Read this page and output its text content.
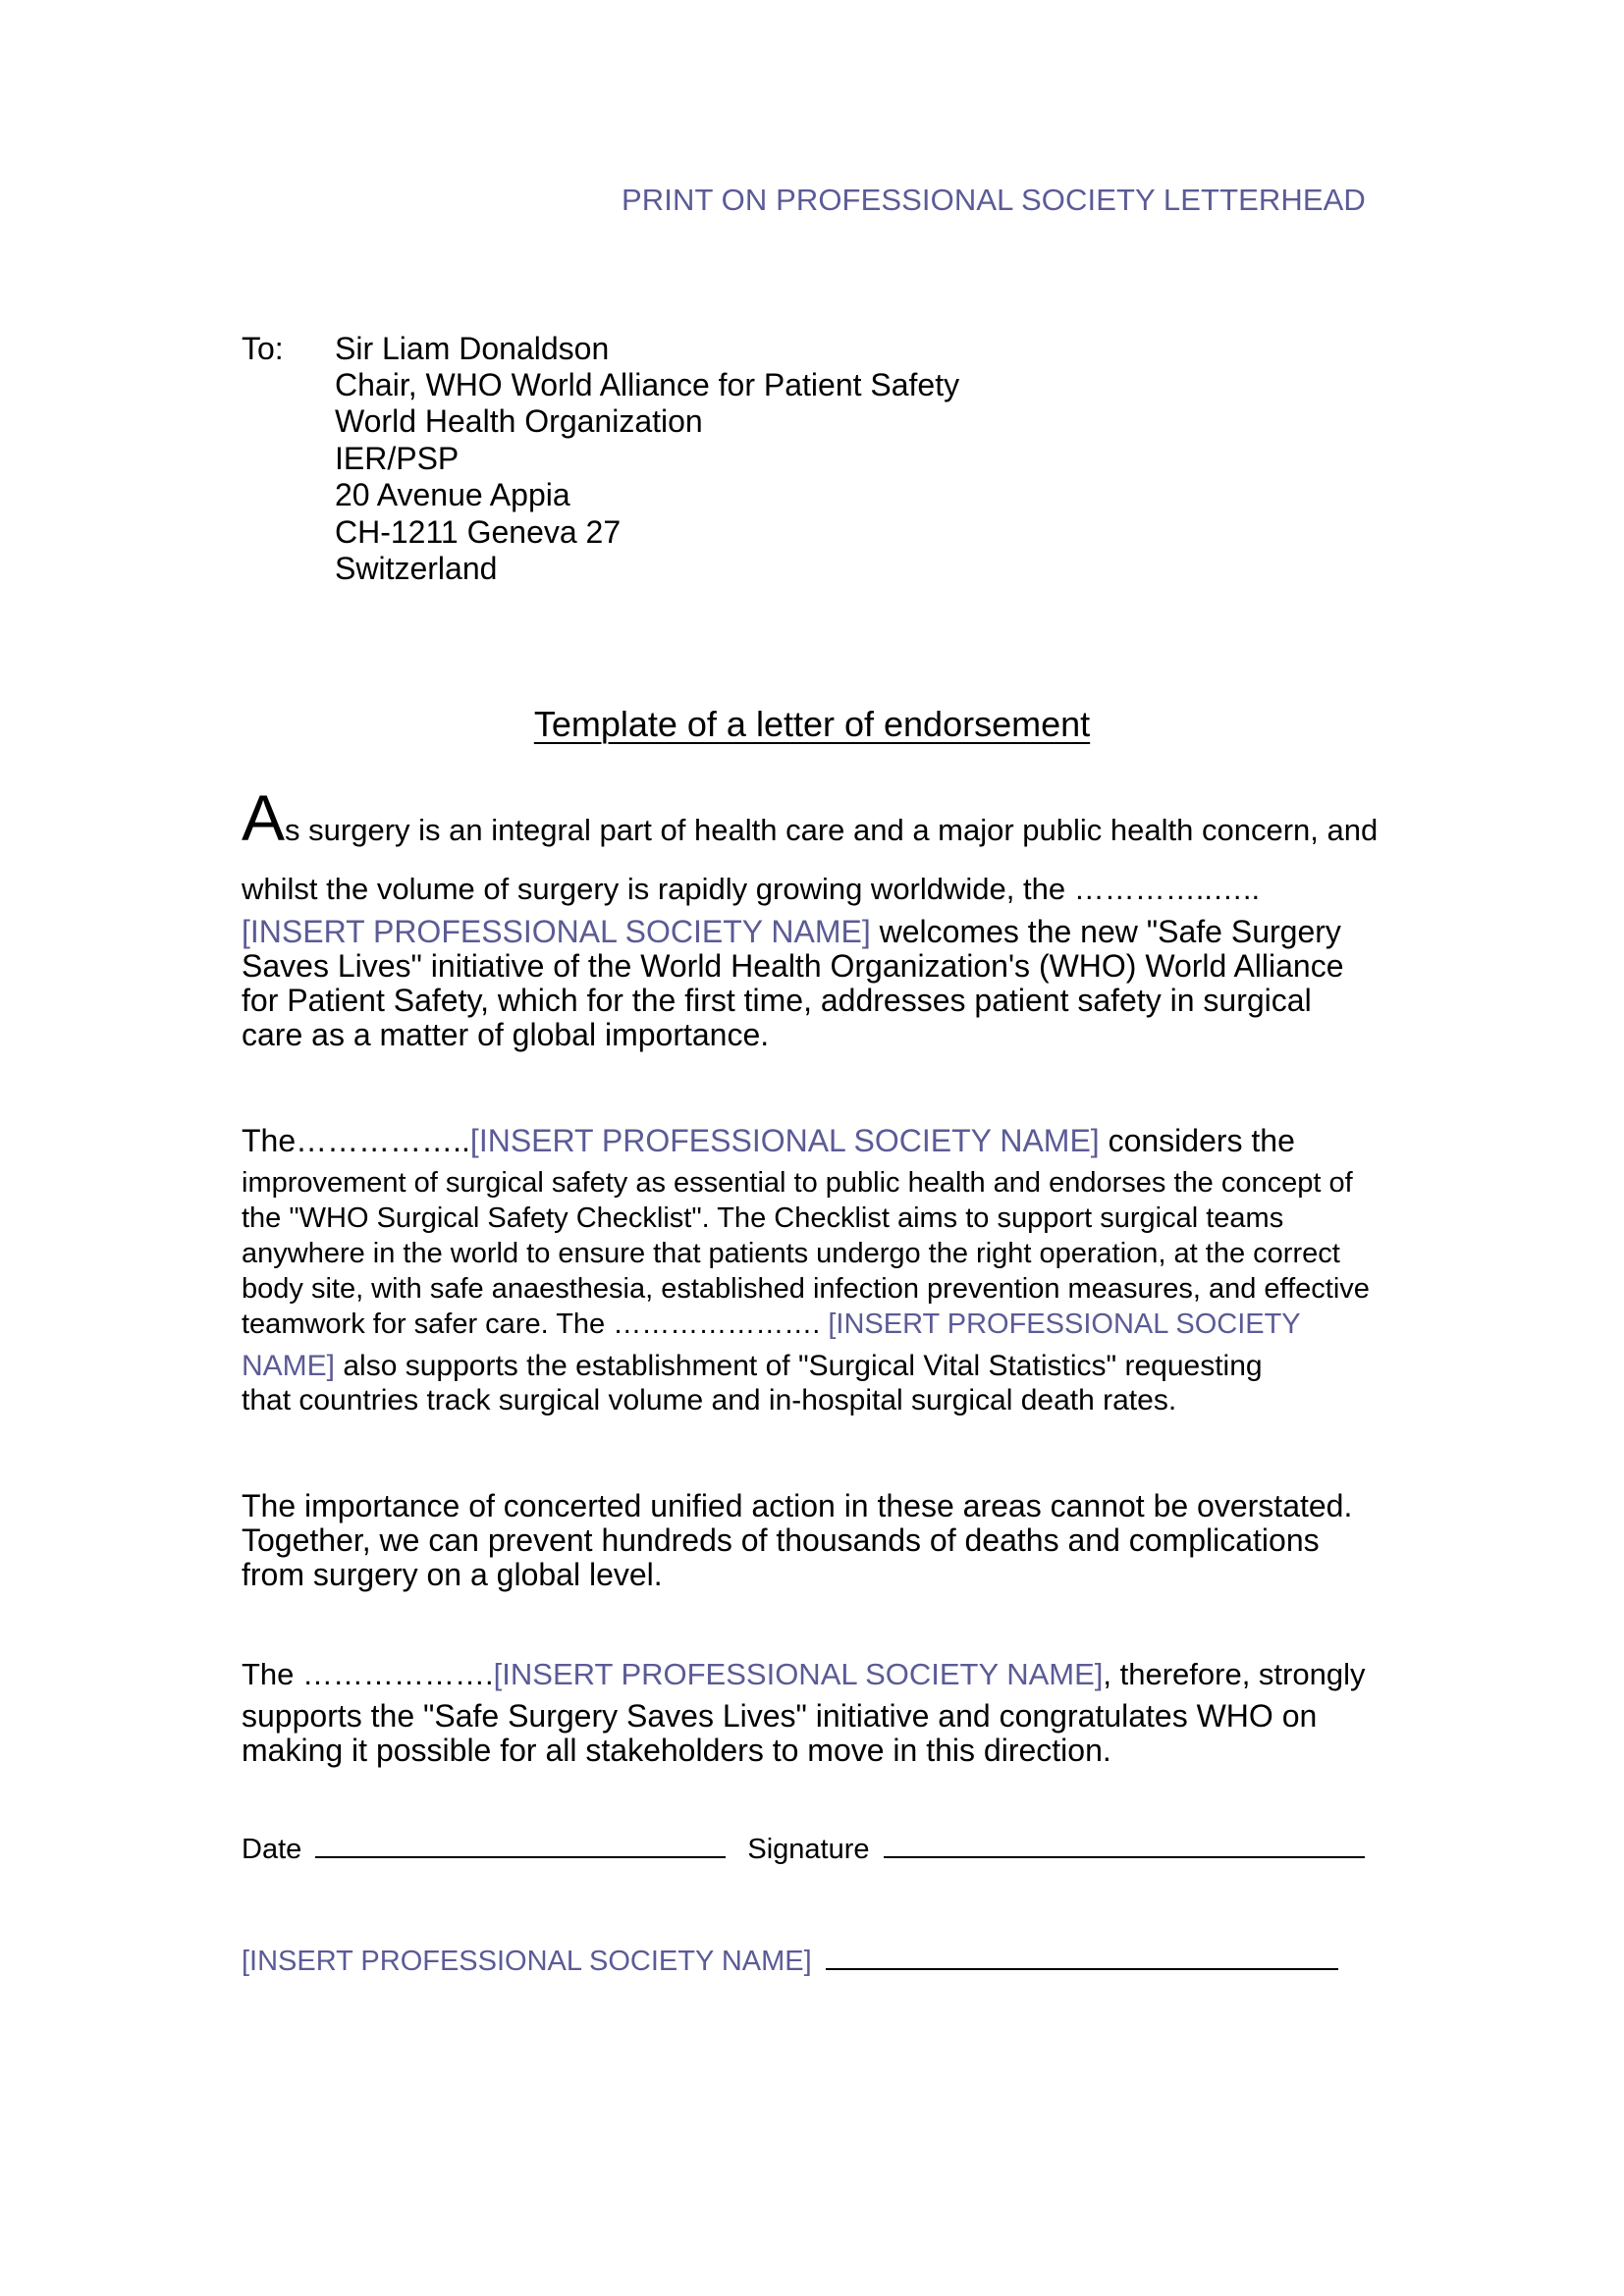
PRINT ON PROFESSIONAL SOCIETY LETTERHEAD
To: Sir Liam Donaldson
Chair, WHO World Alliance for Patient Safety
World Health Organization
IER/PSP
20 Avenue Appia
CH-1211 Geneva 27
Switzerland
Template of a letter of endorsement
As surgery is an integral part of health care and a major public health concern, and
whilst the volume of surgery is rapidly growing worldwide, the …………..…..
[INSERT PROFESSIONAL SOCIETY NAME] welcomes the new "Safe Surgery
Saves Lives" initiative of the World Health Organization's (WHO) World Alliance
for Patient Safety, which for the first time, addresses patient safety in surgical
care as a matter of global importance.
The……………..[INSERT PROFESSIONAL SOCIETY NAME] considers the
improvement of surgical safety as essential to public health and endorses the concept of
the "WHO Surgical Safety Checklist". The Checklist aims to support surgical teams
anywhere in the world to ensure that patients undergo the right operation, at the correct
body site, with safe anaesthesia, established infection prevention measures, and effective
teamwork for safer care. The …………………. [INSERT PROFESSIONAL SOCIETY
NAME] also supports the establishment of "Surgical Vital Statistics" requesting
that countries track surgical volume and in-hospital surgical death rates.
The importance of concerted unified action in these areas cannot be overstated.
Together, we can prevent hundreds of thousands of deaths and complications
from surgery on a global level.
The ……………….[INSERT PROFESSIONAL SOCIETY NAME], therefore, strongly
supports the "Safe Surgery Saves Lives" initiative and congratulates WHO on
making it possible for all stakeholders to move in this direction.
Date	Signature
[INSERT PROFESSIONAL SOCIETY NAME]
